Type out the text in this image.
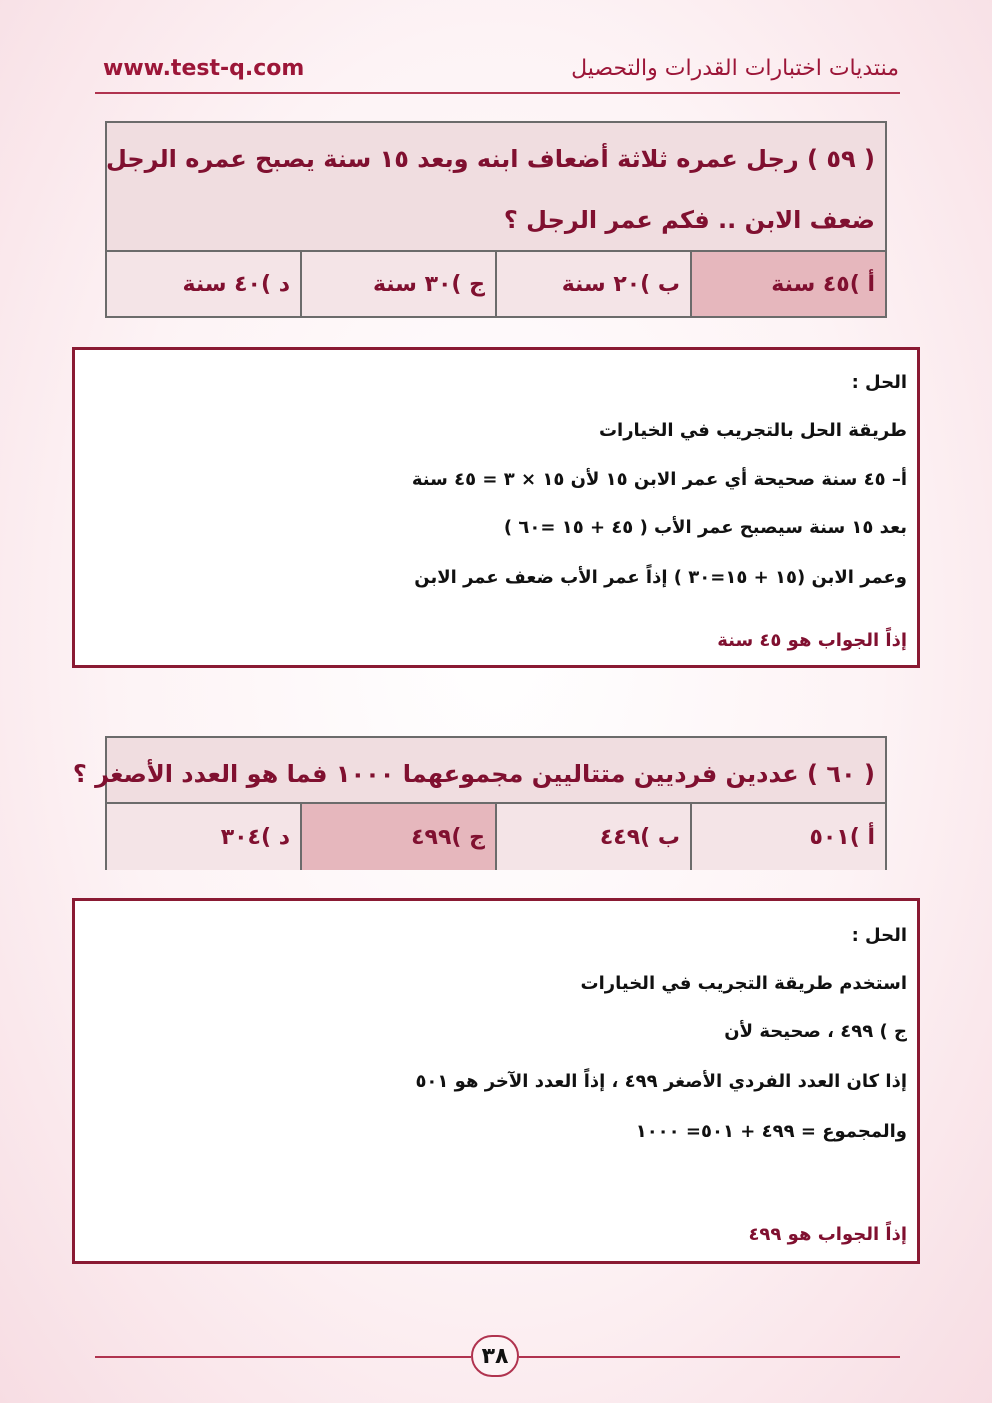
www.test-q.com	منتديات اختبارات القدرات والتحصيل
( ٥٩ ) رجل عمره ثلاثة أضعاف ابنه وبعد ١٥ سنة يصبح عمره الرجل
ضعف الابن .. فكم عمر الرجل ؟
أ )٤٥ سنة
ب )٢٠ سنة
ج )٣٠ سنة
د )٤٠ سنة
الحل :
طريقة الحل بالتجريب في الخيارات
أ– ٤٥ سنة صحيحة أي عمر الابن ١٥ لأن ١٥ × ٣ = ٤٥ سنة
بعد ١٥ سنة سيصبح عمر الأب ( ٤٥ + ١٥ =٦٠ )
وعمر الابن (١٥ + ١٥=٣٠ ) إذاً عمر الأب ضعف عمر الابن
إذاً الجواب هو ٤٥ سنة
( ٦٠ ) عددين فرديين متتاليين مجموعهما ١٠٠٠ فما هو العدد الأصغر ؟
أ )٥٠١
ب )٤٤٩
ج )٤٩٩
د )٣٠٤
الحل :
استخدم طريقة التجريب في الخيارات
ج ) ٤٩٩ ، صحيحة لأن
إذا كان العدد الفردي الأصغر ٤٩٩ ، إذاً العدد الآخر هو ٥٠١
والمجموع = ٤٩٩ + ٥٠١= ١٠٠٠
إذاً الجواب هو ٤٩٩
٣٨
